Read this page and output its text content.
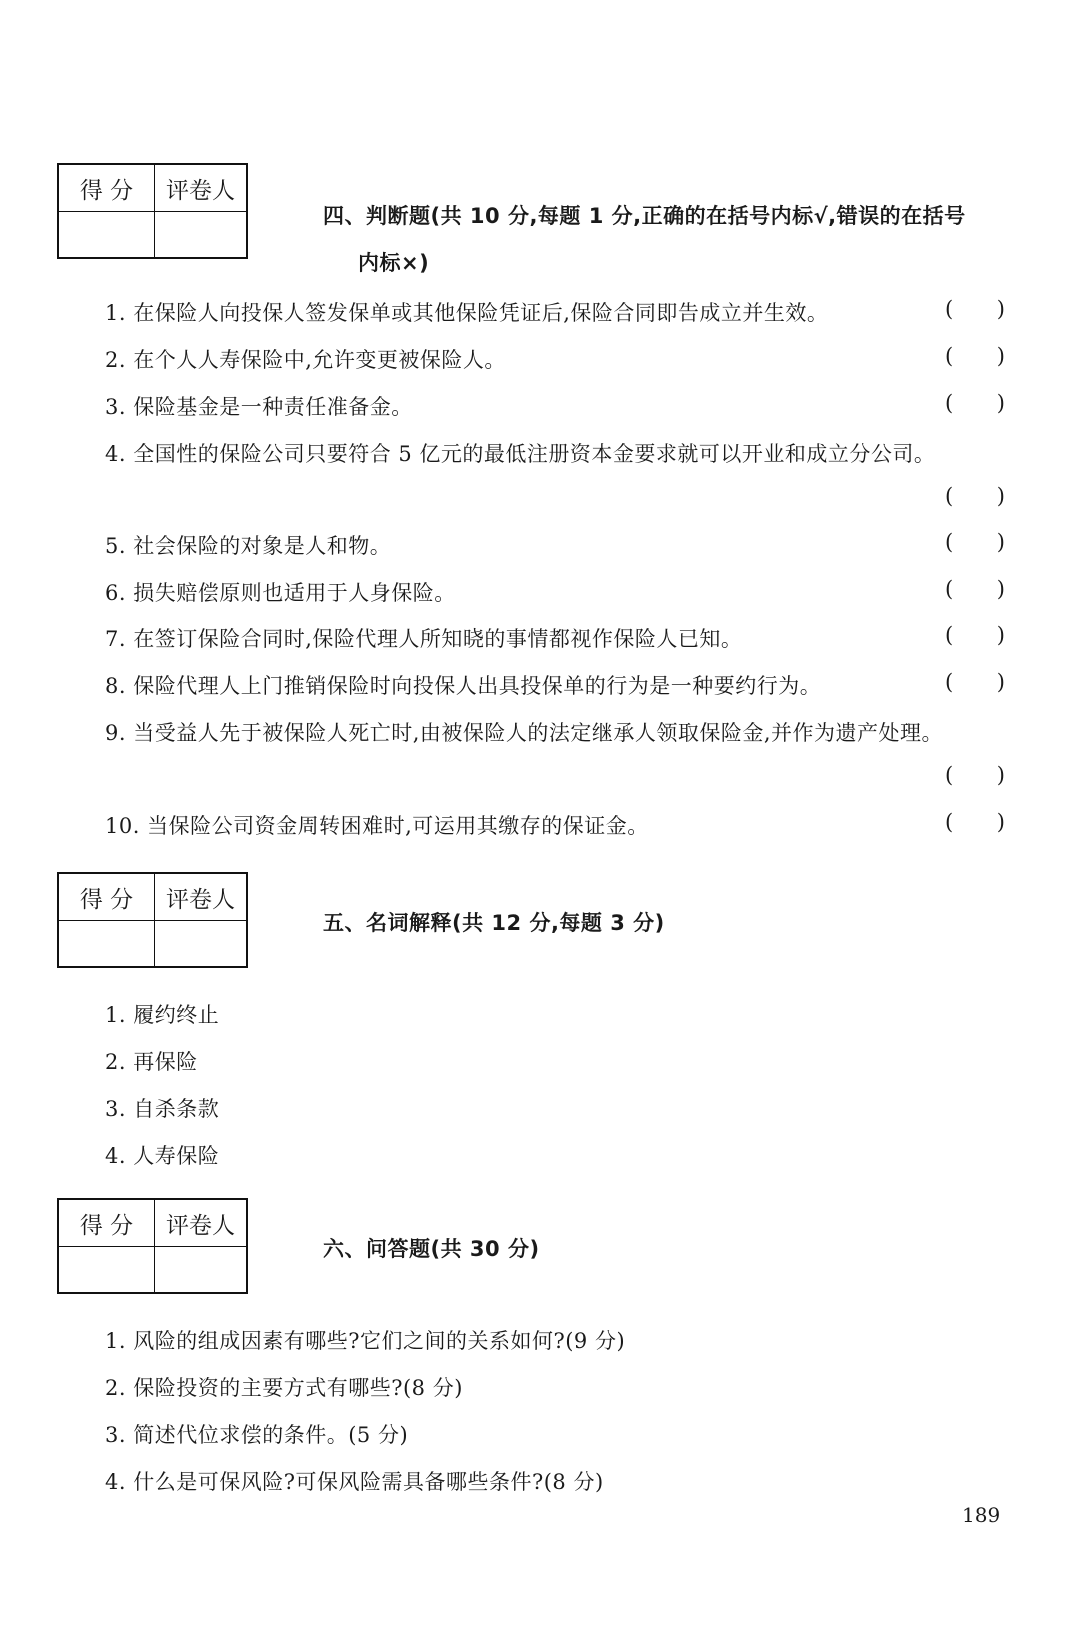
得 分	评卷人
四、判断题(共 10 分,每题 1 分,正确的在括号内标√,错误的在括号
内标×)
1. 在保险人向投保人签发保单或其他保险凭证后,保险合同即告成立并生效。	( )
2. 在个人人寿保险中,允许变更被保险人。	( )
3. 保险基金是一种责任准备金。	( )
4. 全国性的保险公司只要符合 5 亿元的最低注册资本金要求就可以开业和成立分公司。
( )
5. 社会保险的对象是人和物。	( )
6. 损失赔偿原则也适用于人身保险。	( )
7. 在签订保险合同时,保险代理人所知晓的事情都视作保险人已知。	( )
8. 保险代理人上门推销保险时向投保人出具投保单的行为是一种要约行为。	( )
9. 当受益人先于被保险人死亡时,由被保险人的法定继承人领取保险金,并作为遗产处理。
( )
10. 当保险公司资金周转困难时,可运用其缴存的保证金。	( )
得 分	评卷人
五、名词解释(共 12 分,每题 3 分)
1. 履约终止
2. 再保险
3. 自杀条款
4. 人寿保险
得 分	评卷人
六、问答题(共 30 分)
1. 风险的组成因素有哪些?它们之间的关系如何?(9 分)
2. 保险投资的主要方式有哪些?(8 分)
3. 简述代位求偿的条件。(5 分)
4. 什么是可保风险?可保风险需具备哪些条件?(8 分)
189
